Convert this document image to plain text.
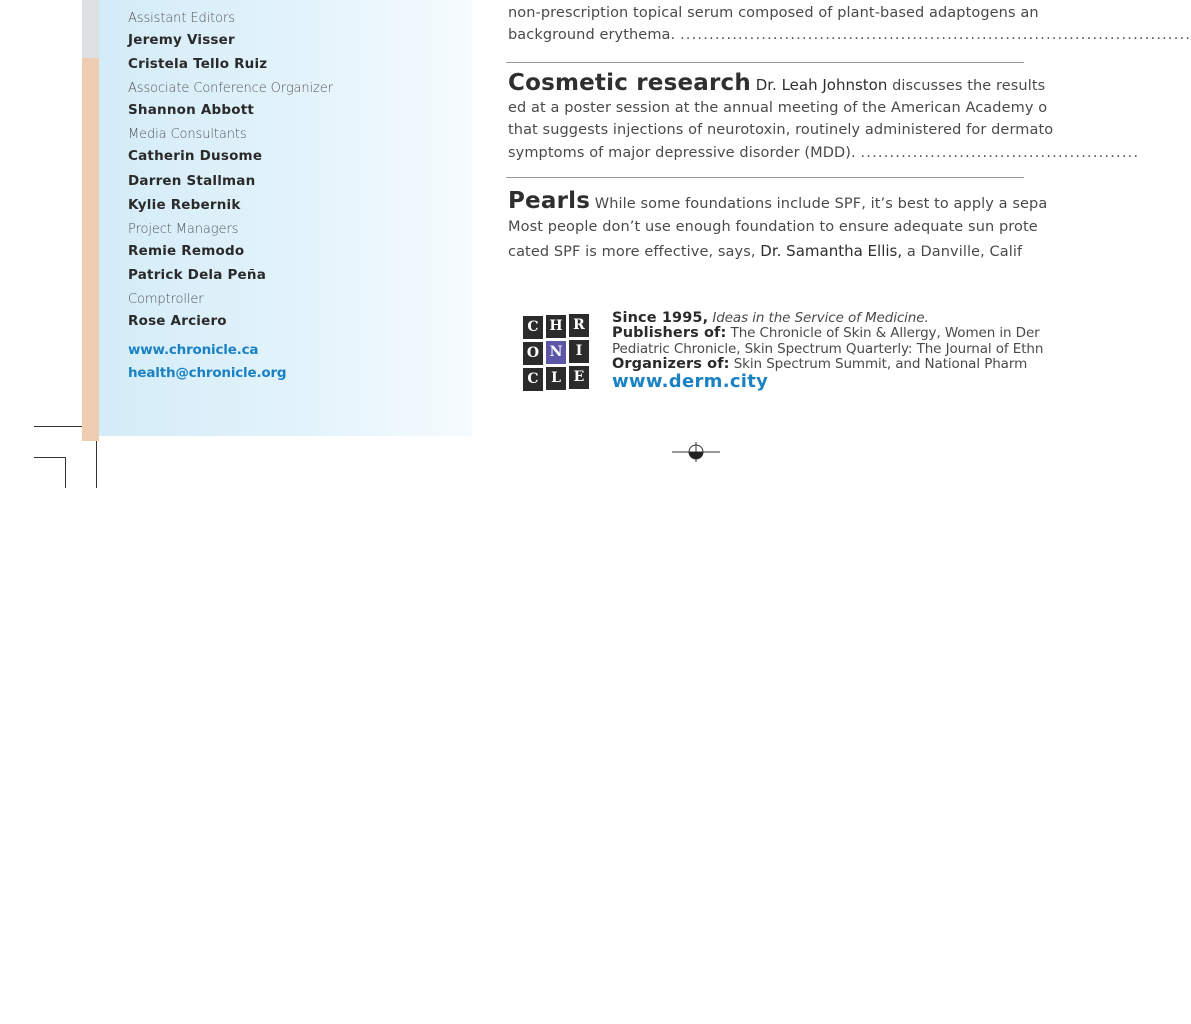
Assistant Editors
Jeremy Visser
Cristela Tello Ruiz
Associate Conference Organizer
Shannon Abbott
Media Consultants
Catherin Dusome
Darren Stallman
Kylie Rebernik
Project Managers
Remie Remodo
Patrick Dela Peña
Comptroller
Rose Arciero
www.chronicle.ca
health@chronicle.org
non-prescription topical serum composed of plant-based adaptogens an
background erythema. ........................................................................................
Cosmetic research Dr. Leah Johnston discusses the results
ed at a poster session at the annual meeting of the American Academy o
that suggests injections of neurotoxin, routinely administered for dermato
symptoms of major depressive disorder (MDD). ................................................
Pearls While some foundations include SPF, it’s best to apply a sepa
Most people don’t use enough foundation to ensure adequate sun prote
cated SPF is more effective, says, Dr. Samantha Ellis, a Danville, Calif
C H R
O N I
C L E
Since 1995, Ideas in the Service of Medicine.
Publishers of: The Chronicle of Skin & Allergy, Women in Der
Pediatric Chronicle, Skin Spectrum Quarterly: The Journal of Ethn
Organizers of: Skin Spectrum Summit, and National Pharm
www.derm.city
